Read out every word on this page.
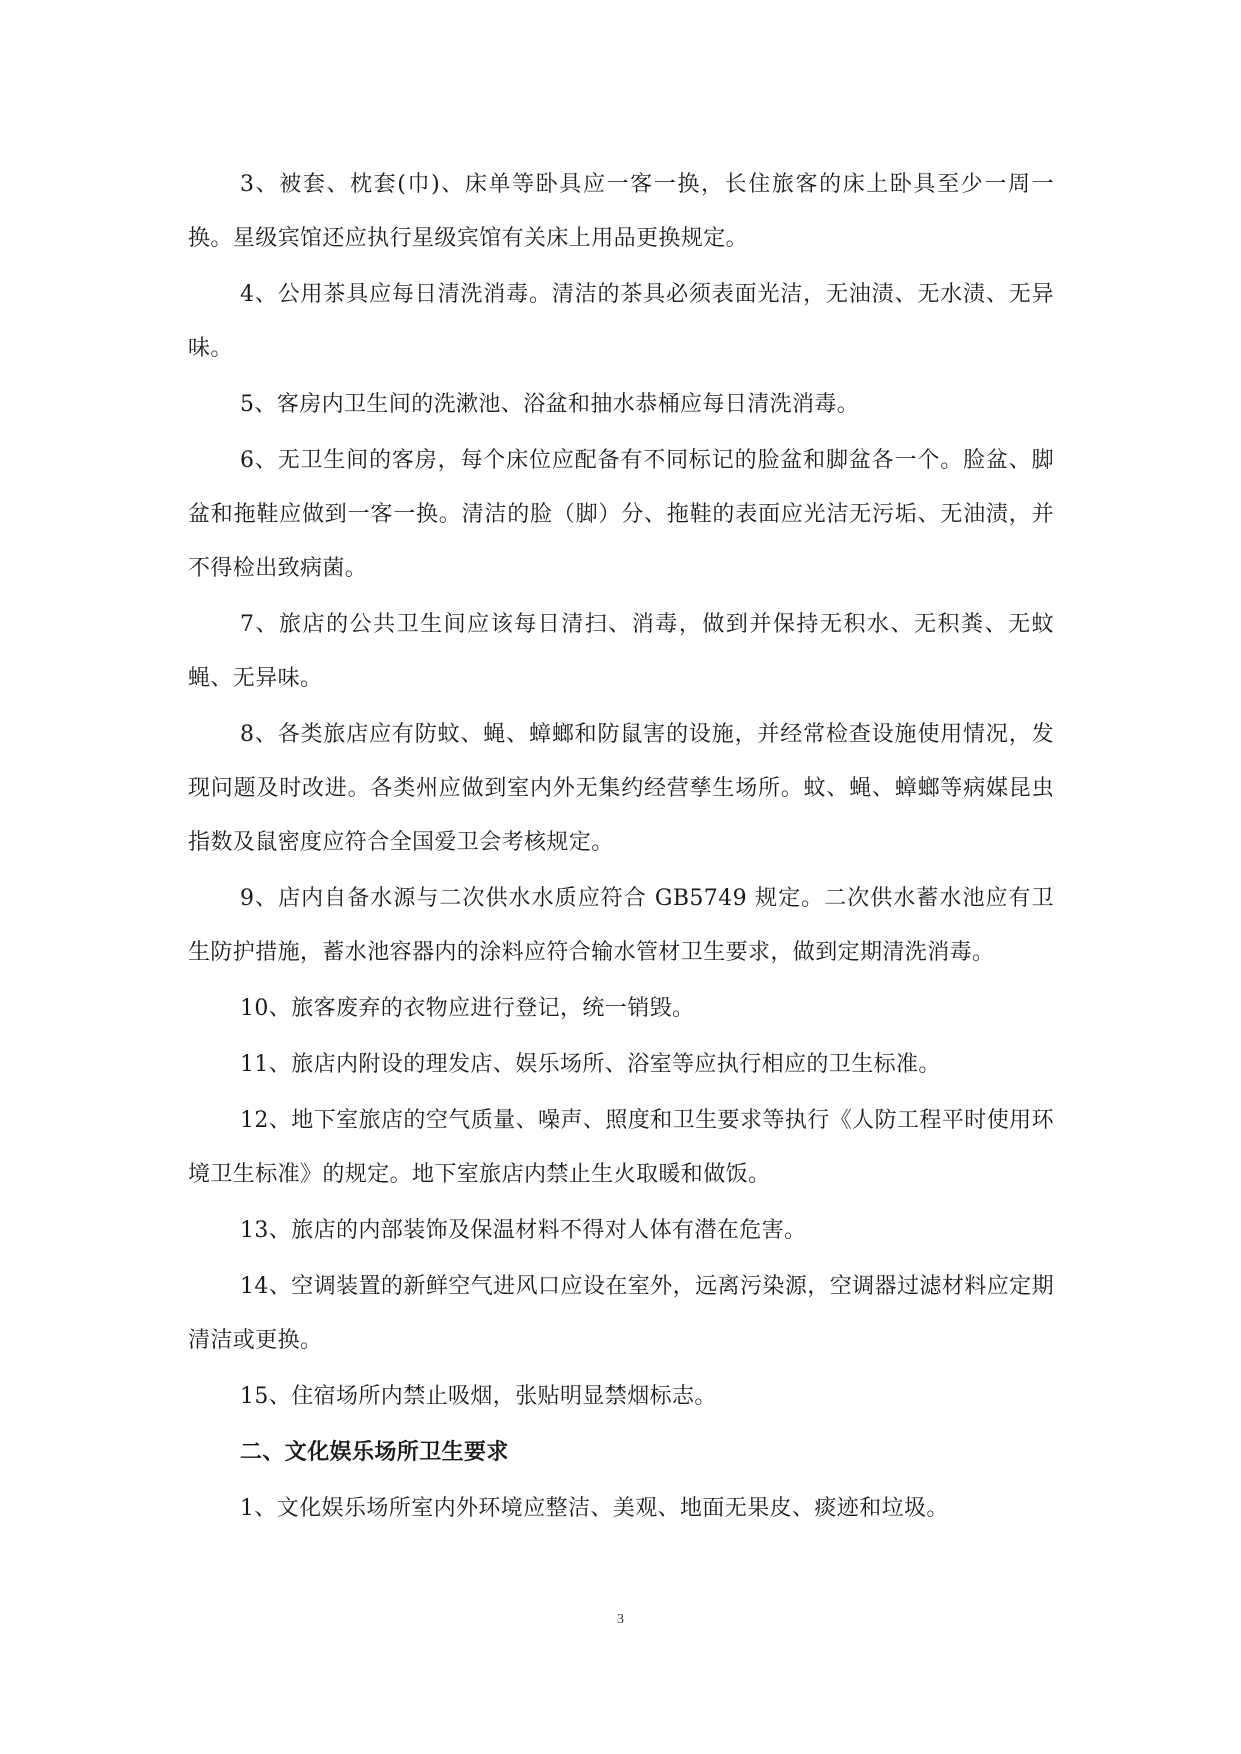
3、被套、枕套(巾)、床单等卧具应一客一换，长住旅客的床上卧具至少一周一换。星级宾馆还应执行星级宾馆有关床上用品更换规定。

4、公用茶具应每日清洗消毒。清洁的茶具必须表面光洁，无油渍、无水渍、无异味。

5、客房内卫生间的洗漱池、浴盆和抽水恭桶应每日清洗消毒。

6、无卫生间的客房，每个床位应配备有不同标记的脸盆和脚盆各一个。脸盆、脚盆和拖鞋应做到一客一换。清洁的脸（脚）分、拖鞋的表面应光洁无污垢、无油渍，并不得检出致病菌。

7、旅店的公共卫生间应该每日清扫、消毒，做到并保持无积水、无积粪、无蚊蝇、无异味。

8、各类旅店应有防蚊、蝇、蟑螂和防鼠害的设施，并经常检查设施使用情况，发现问题及时改进。各类州应做到室内外无集约经营孳生场所。蚊、蝇、蟑螂等病媒昆虫指数及鼠密度应符合全国爱卫会考核规定。

9、店内自备水源与二次供水水质应符合 GB5749 规定。二次供水蓄水池应有卫生防护措施，蓄水池容器内的涂料应符合输水管材卫生要求，做到定期清洗消毒。

10、旅客废弃的衣物应进行登记，统一销毁。

11、旅店内附设的理发店、娱乐场所、浴室等应执行相应的卫生标准。

12、地下室旅店的空气质量、噪声、照度和卫生要求等执行《人防工程平时使用环境卫生标准》的规定。地下室旅店内禁止生火取暖和做饭。

13、旅店的内部装饰及保温材料不得对人体有潜在危害。

14、空调装置的新鲜空气进风口应设在室外，远离污染源，空调器过滤材料应定期清洁或更换。

15、住宿场所内禁止吸烟，张贴明显禁烟标志。

二、文化娱乐场所卫生要求

1、文化娱乐场所室内外环境应整洁、美观、地面无果皮、痰迹和垃圾。

3
